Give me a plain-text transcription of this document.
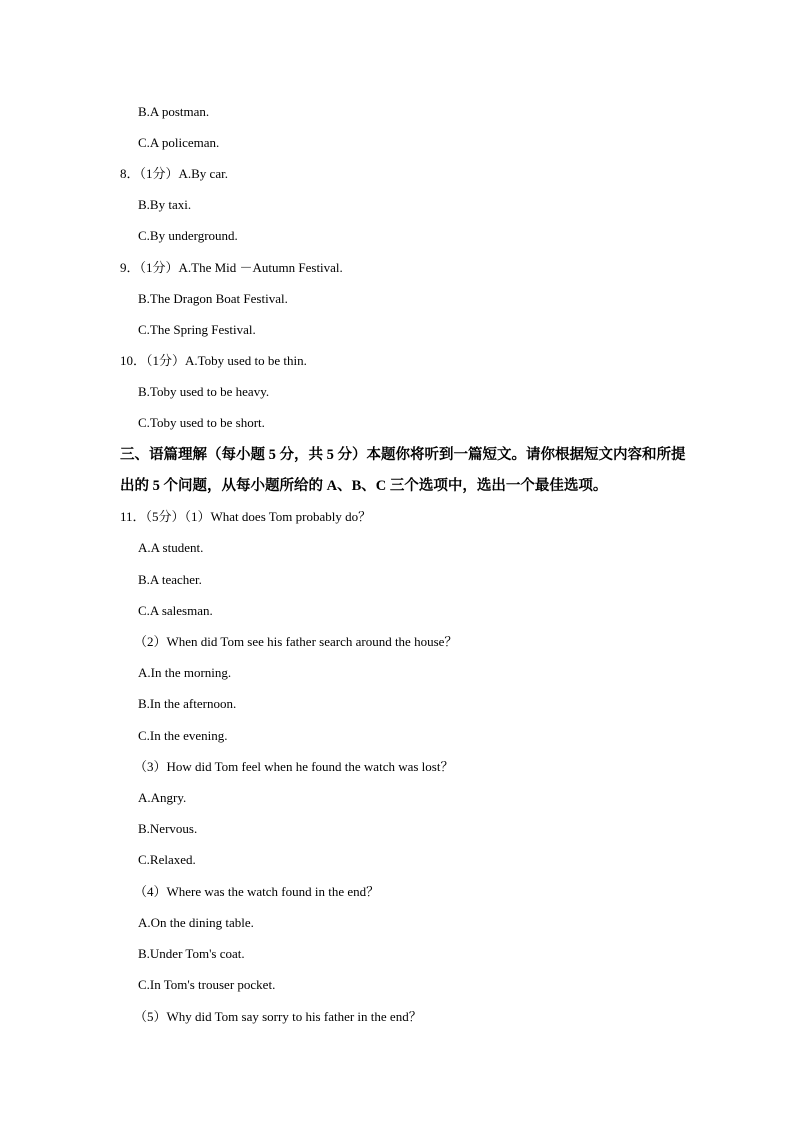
B.A postman.
C.A policeman.
8．（1分）A.By car.
B.By taxi.
C.By underground.
9．（1分）A.The Mid －Autumn Festival.
B.The Dragon Boat Festival.
C.The Spring Festival.
10．（1分）A.Toby used to be thin.
B.Toby used to be heavy.
C.Toby used to be short.
三、语篇理解（每小题 5 分，共 5 分）本题你将听到一篇短文。请你根据短文内容和所提
出的 5 个问题，从每小题所给的 A、B、C 三个选项中，选出一个最佳选项。
11．（5分）（1）What does Tom probably do？
A.A student.
B.A teacher.
C.A salesman.
（2）When did Tom see his father search around the house？
A.In the morning.
B.In the afternoon.
C.In the evening.
（3）How did Tom feel when he found the watch was lost？
A.Angry.
B.Nervous.
C.Relaxed.
（4）Where was the watch found in the end？
A.On the dining table.
B.Under Tom's coat.
C.In Tom's trouser pocket.
（5）Why did Tom say sorry to his father in the end？
